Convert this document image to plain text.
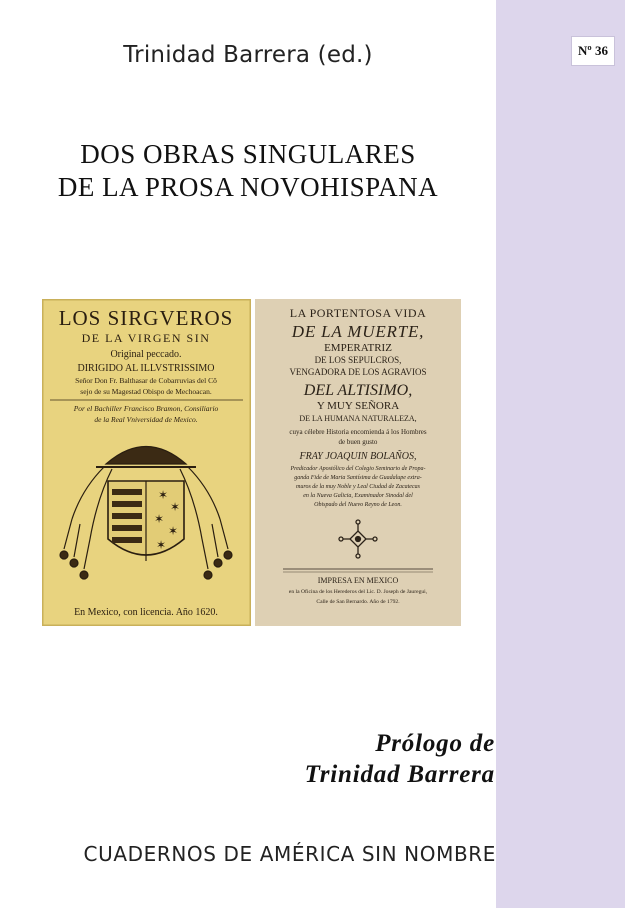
Nº 36
Trinidad Barrera (ed.)
DOS OBRAS SINGULARES
DE LA PROSA NOVOHISPANA
LOS SIRGVEROS
DE LA VIRGEN SIN
Original peccado.
DIRIGIDO AL ILLVSTRISSIMO
Señor Don Fr. Balthasar de Cobarruvias del Cō
sejo de su Magestad Obispo de Mechoacan.
Por el Bachiller Francisco Bramon, Consiliario
de la Real Vniversidad de Mexico.
✶
✶
✶
✶
✶
En Mexico, con licencia. Año 1620.
LA PORTENTOSA VIDA
DE LA MUERTE,
EMPERATRIZ
DE LOS SEPULCROS,
VENGADORA DE LOS AGRAVIOS
DEL ALTISIMO,
Y MUY SEÑORA
DE LA HUMANA NATURALEZA,
cuya célebre Historia encomienda á los Hombres
de buen gusto
FRAY JOAQUIN BOLAÑOS,
Predicador Apostólico del Colegio Seminario de Propa-
ganda Fide de Maria Santísima de Guadalupe extra-
muros de la muy Noble y Leal Ciudad de Zacatecas
en la Nueva Galicia, Examinador Sinodal del
Obispado del Nuevo Reyno de Leon.
IMPRESA EN MEXICO
en la Oficina de los Herederos del Lic. D. Joseph de Jauregui,
Calle de San Bernardo. Año de 1792.
Prólogo de
Trinidad Barrera
CUADERNOS DE AMÉRICA SIN NOMBRE
